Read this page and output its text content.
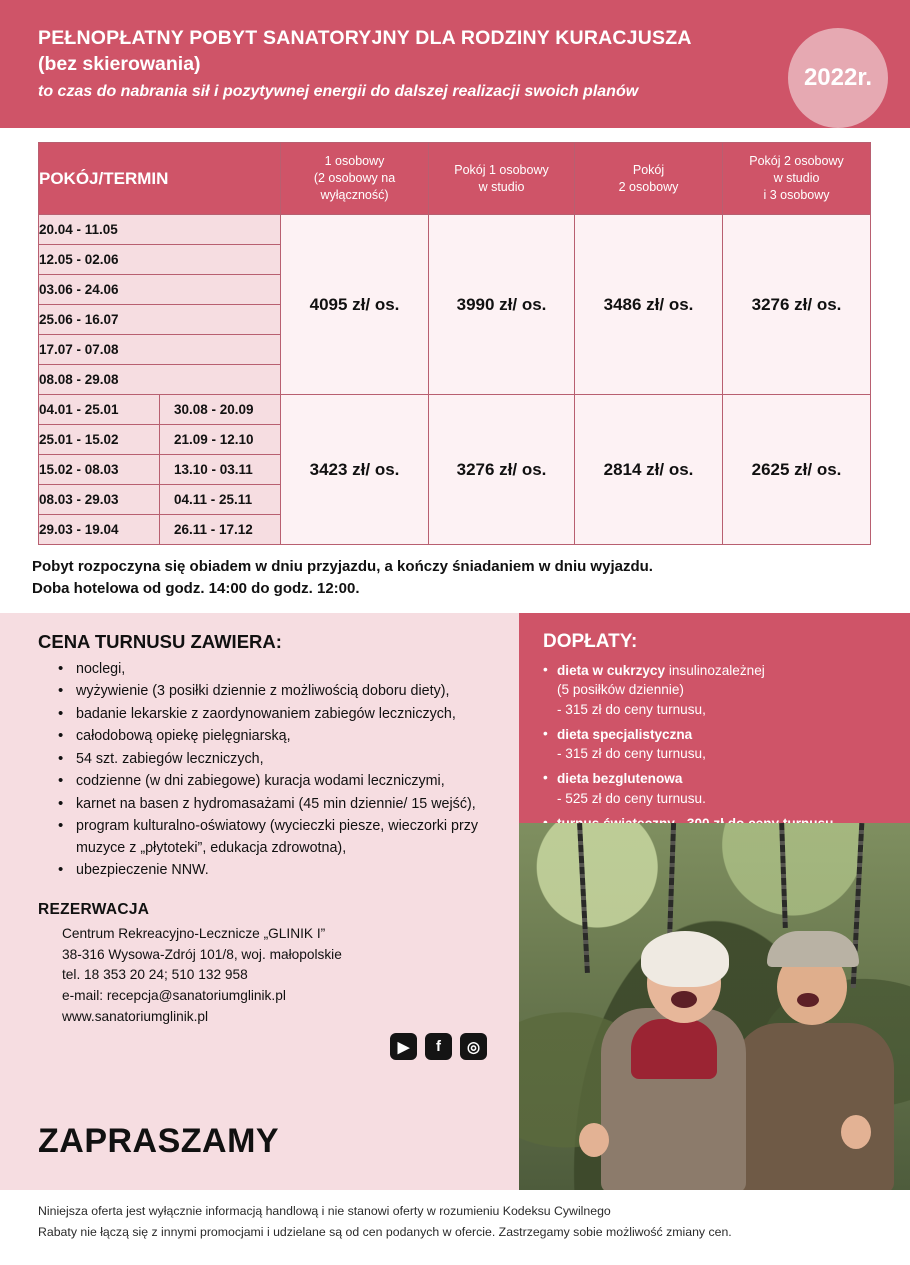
PEŁNOPŁATNY POBYT SANATORYJNY DLA RODZINY KURACJUSZA
(bez skierowania)
to czas do nabrania sił i pozytywnej energii do dalszej realizacji swoich planów
2022r.
POKÓJ/TERMIN	
1 osobowy
(2 osobowy na
wyłączność)

Pokój 1 osobowy
w studio

Pokój
2 osobowy

Pokój 2 osobowy
w studio
i 3 osobowy

20.04 - 11.05		4095 zł/ os.	3990 zł/ os.	3486 zł/ os.	3276 zł/ os.
12.05 - 02.06					
03.06 - 24.06					
25.06 - 16.07					
17.07 - 07.08					
08.08 - 29.08					
04.01 - 25.01	30.08 - 20.09	3423 zł/ os.	3276 zł/ os.	2814 zł/ os.	2625 zł/ os.
25.01 - 15.02	21.09 - 12.10				
15.02 - 08.03	13.10 - 03.11				
08.03 - 29.03	04.11 - 25.11				
29.03 - 19.04	26.11 - 17.12				
Pobyt rozpoczyna się obiadem w dniu przyjazdu, a kończy śniadaniem w dniu wyjazdu.
Doba hotelowa od godz. 14:00 do godz. 12:00.
CENA TURNUSU ZAWIERA:
• noclegi,
• wyżywienie (3 posiłki dziennie z możliwością doboru diety),
• badanie lekarskie z zaordynowaniem zabiegów leczniczych,
• całodobową opiekę pielęgniarską,
• 54 szt. zabiegów leczniczych,
• codzienne (w dni zabiegowe) kuracja wodami leczniczymi,
• karnet na basen z hydromasażami (45 min dziennie/ 15 wejść),
• program kulturalno-oświatowy (wycieczki piesze, wieczorki przy muzyce z „płytoteki”, edukacja zdrowotna),
• ubezpieczenie NNW.
REZERWACJA

Centrum Rekreacyjno-Lecznicze „GLINIK I”

38-316 Wysowa-Zdrój 101/8, woj. małopolskie

tel. 18 353 20 24; 510 132 958

e-mail: recepcja@sanatoriumglinik.pl

www.sanatoriumglinik.pl

▶	f	◎
ZAPRASZAMY
DOPŁATY:
• dieta w cukrzycy insulinozależnej
(5 posiłków dziennie)
- 315 zł do ceny turnusu,
• dieta specjalistyczna
- 315 zł do ceny turnusu,
• dieta bezglutenowa
- 525 zł do ceny turnusu.
•

Niniejsza oferta jest wyłącznie informacją handlową i nie stanowi oferty w rozumieniu Kodeksu Cywilnego

Rabaty nie łączą się z innymi promocjami i udzielane są od cen podanych w ofercie. Zastrzegamy sobie możliwość zmiany cen.
